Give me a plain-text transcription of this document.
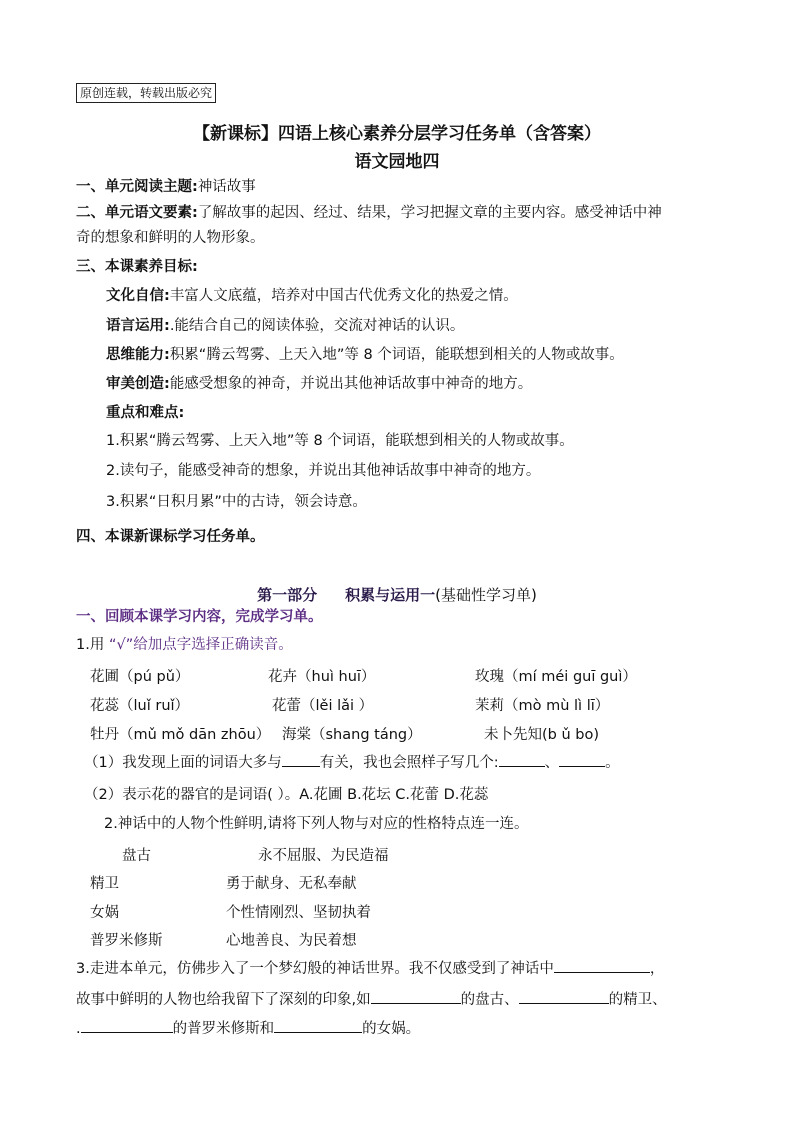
原创连载，转载出版必究
【新课标】四语上核心素养分层学习任务单（含答案）
语文园地四
一、单元阅读主题:神话故事
二、单元语文要素:了解故事的起因、经过、结果，学习把握文章的主要内容。感受神话中神
奇的想象和鲜明的人物形象。
三、本课素养目标:
文化自信:丰富人文底蕴，培养对中国古代优秀文化的热爱之情。
语言运用:.能结合自己的阅读体验，交流对神话的认识。
思维能力:积累“腾云驾雾、上天入地”等 8 个词语，能联想到相关的人物或故事。
审美创造:能感受想象的神奇，并说出其他神话故事中神奇的地方。
重点和难点:
1.积累“腾云驾雾、上天入地”等 8 个词语，能联想到相关的人物或故事。
2.读句子，能感受神奇的想象，并说出其他神话故事中神奇的地方。
3.积累“日积月累”中的古诗，领会诗意。
四、本课新课标学习任务单。
第一部分 积累与运用一(基础性学习单)
一、回顾本课学习内容，完成学习单。
1.用 “√”给加点字选择正确读音。
花圃（pú pǔ）	花卉（huì huī）	玫瑰（mí méi guī guì）
花蕊（luǐ ruǐ）	花蕾（lěi lǎi ）	茉莉（mò mù lì lī）
牡丹（mǔ mǒ dān zhōu） 海棠（shang táng）	未卜先知(b ǔ bo)
（1）我发现上面的词语大多与	有关，我也会照样子写几个:	、	。
（2）表示花的器官的是词语( ）。A.花圃 B.花坛 C.花蕾 D.花蕊
2.神话中的人物个性鲜明,请将下列人物与对应的性格特点连一连。
盘古	永不屈服、为民造福
精卫	勇于献身、无私奉献
女娲	个性情刚烈、坚韧执着
普罗米修斯	心地善良、为民着想
3.走进本单元，仿佛步入了一个梦幻般的神话世界。我不仅感受到了神话中	，
故事中鲜明的人物也给我留下了深刻的印象,如	的盘古、	的精卫、
.	的普罗米修斯和	的女娲。
